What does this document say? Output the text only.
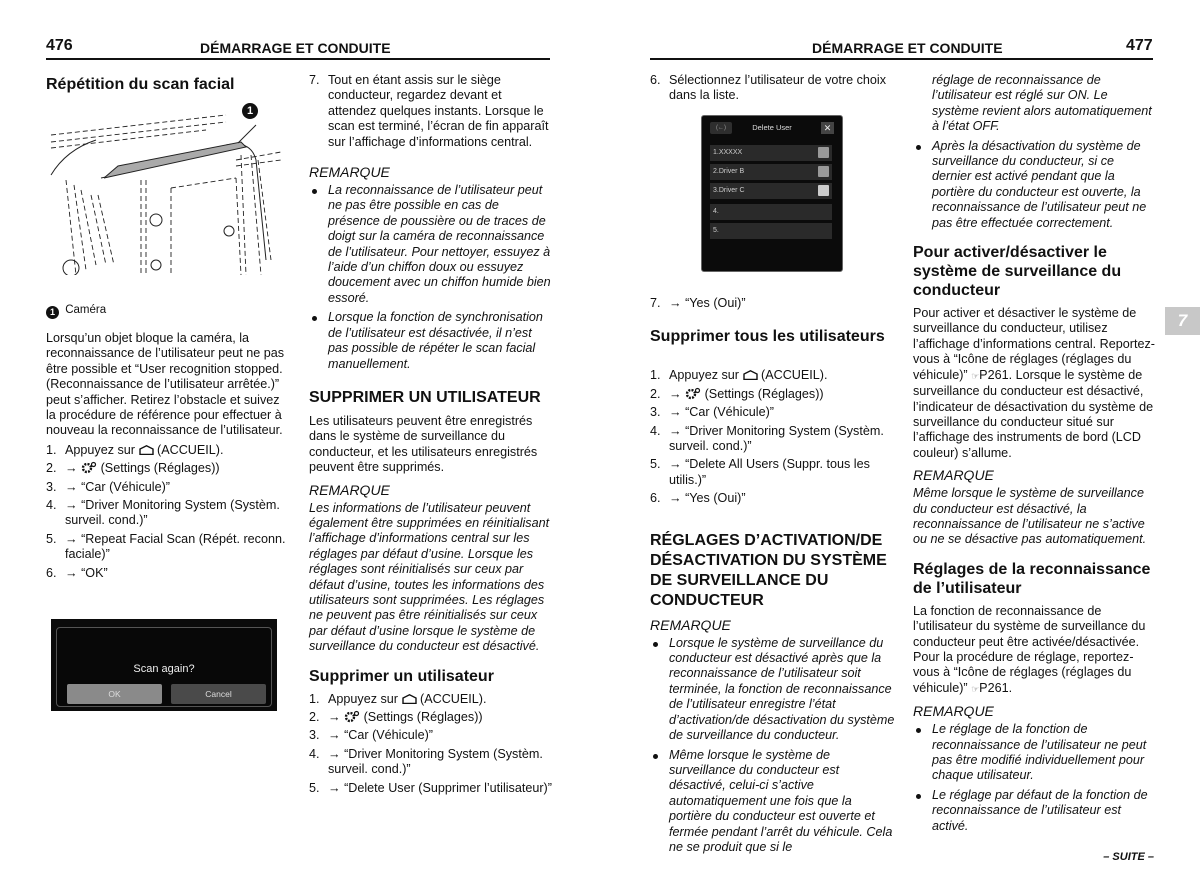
476	DÉMARRAGE ET CONDUITE	DÉMARRAGE ET CONDUITE	477
Répétition du scan facial
1
1 Caméra

Lorsqu’un objet bloque la caméra, la reconnaissance de l’utilisateur peut ne pas être possible et “User recognition stopped. (Reconnaissance de l’utilisateur arrêtée.)” peut s’afficher. Retirez l’obstacle et suivez la procédure de référence pour effectuer à nouveau la reconnaissance de l’utilisateur.

1. Appuyez sur (ACCUEIL).
2. → (Settings (Réglages))
3. → “Car (Véhicule)”
4. → “Driver Monitoring System (Systèm. surveil. cond.)”
5. → “Repeat Facial Scan (Répét. reconn. faciale)”
6. → “OK”
Scan again?
OK	Cancel
7. Tout en étant assis sur le siège conducteur, regardez devant et attendez quelques instants. Lorsque le scan est terminé, l’écran de fin apparaît sur l’affichage d’informations central.
REMARQUE
La reconnaissance de l’utilisateur peut ne pas être possible en cas de présence de poussière ou de traces de doigt sur la caméra de reconnaissance de l’utilisateur. Pour nettoyer, essuyez à l’aide d’un chiffon doux ou essuyez doucement avec un chiffon humide bien essoré.
Lorsque la fonction de synchronisation de l’utilisateur est désactivée, il n’est pas possible de répéter le scan facial manuellement.
SUPPRIMER UN UTILISATEUR

Les utilisateurs peuvent être enregistrés dans le système de surveillance du conducteur, et les utilisateurs enregistrés peuvent être supprimés.

REMARQUE

Les informations de l’utilisateur peuvent également être supprimées en réinitialisant l’affichage d’informations central sur les réglages par défaut d’usine. Lorsque les réglages sont réinitialisés sur ceux par défaut d’usine, toutes les informations des utilisateurs sont supprimées. Les réglages ne peuvent pas être réinitialisés sur ceux par défaut d’usine lorsque le système de surveillance du conducteur est désactivé.

Supprimer un utilisateur
1. Appuyez sur (ACCUEIL).
2. → (Settings (Réglages))
3. → “Car (Véhicule)”
4. → “Driver Monitoring System (Systèm. surveil. cond.)”
5. → “Delete User (Supprimer l’utilisateur)”
6. Sélectionnez l’utilisateur de votre choix dans la liste.
(←)	Delete User	✕
1.XXXXX
2.Driver B
3.Driver C
4.
5.
7. → “Yes (Oui)”
Supprimer tous les utilisateurs
1. Appuyez sur (ACCUEIL).
2. → (Settings (Réglages))
3. → “Car (Véhicule)”
4. → “Driver Monitoring System (Systèm. surveil. cond.)”
5. → “Delete All Users (Suppr. tous les utilis.)”
6. → “Yes (Oui)”
RÉGLAGES D’ACTIVATION/DE DÉSACTIVATION DU SYSTÈME DE SURVEILLANCE DU CONDUCTEUR
REMARQUE
Lorsque le système de surveillance du conducteur est désactivé après que la reconnaissance de l’utilisateur soit terminée, la fonction de reconnaissance de l’utilisateur enregistre l’état d’activation/de désactivation du système de surveillance du conducteur.
Même lorsque le système de surveillance du conducteur est désactivé, celui-ci s’active automatiquement une fois que la portière du conducteur est ouverte et fermée pendant l’arrêt du véhicule. Cela ne se produit que si le

réglage de reconnaissance de l’utilisateur est réglé sur ON. Le système revient alors automatiquement à l’état OFF.

Après la désactivation du système de surveillance du conducteur, si ce dernier est activé pendant que la portière du conducteur est ouverte, la reconnaissance de l’utilisateur peut ne pas être effectuée correctement.
Pour activer/désactiver le système de surveillance du conducteur

Pour activer et désactiver le système de surveillance du conducteur, utilisez l’affichage d’informations central. Reportez-vous à “Icône de réglages (réglages du véhicule)” ☞P261. Lorsque le système de surveillance du conducteur est désactivé, l’indicateur de désactivation du système de surveillance du conducteur situé sur l’affichage des instruments de bord (LCD couleur) s’allume.

REMARQUE

Même lorsque le système de surveillance du conducteur est désactivé, la reconnaissance de l’utilisateur ne s’active ou ne se désactive pas automatiquement.

Réglages de la reconnaissance de l’utilisateur

La fonction de reconnaissance de l’utilisateur du système de surveillance du conducteur peut être activée/désactivée. Pour la procédure de réglage, reportez-vous à “Icône de réglages (réglages du véhicule)” ☞P261.

REMARQUE
Le réglage de la fonction de reconnaissance de l’utilisateur ne peut pas être modifié individuellement pour chaque utilisateur.
Le réglage par défaut de la fonction de reconnaissance de l’utilisateur est activé.
7
– SUITE –
